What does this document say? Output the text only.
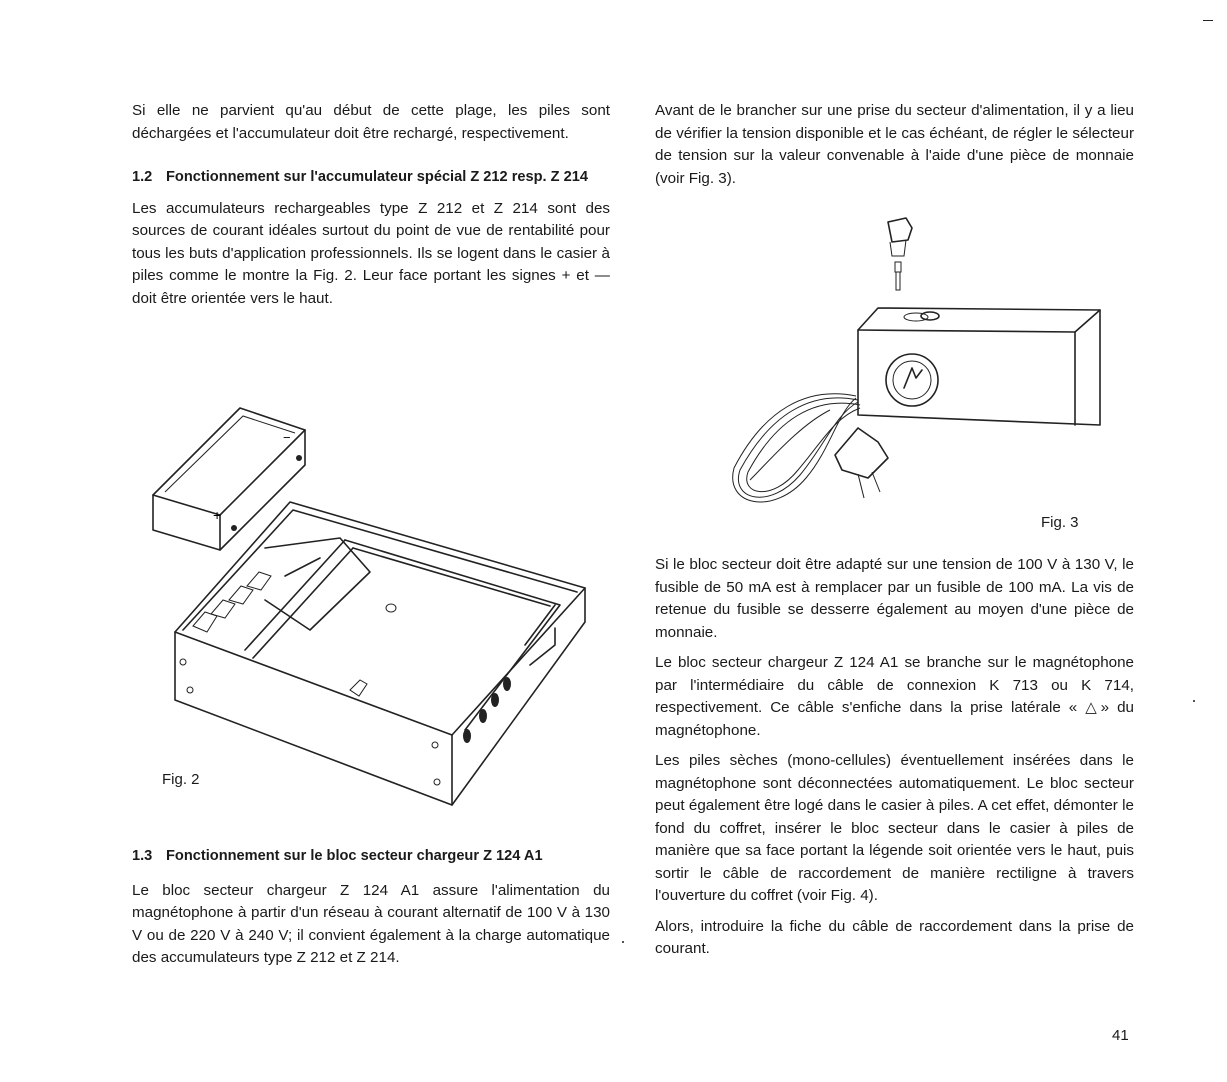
Si elle ne parvient qu'au début de cette plage, les piles sont déchargées et l'accumulateur doit être rechargé, respectivement.

1.2 Fonctionnement sur l'accumulateur spécial Z 212 resp. Z 214

Les accumulateurs rechargeables type Z 212 et Z 214 sont des sources de courant idéales surtout du point de vue de rentabilité pour tous les buts d'application professionnels. Ils se logent dans le casier à piles comme le montre la Fig. 2. Leur face portant les signes + et — doit être orientée vers le haut.

+
−
Fig. 2
1.3 Fonctionnement sur le bloc secteur chargeur Z 124 A1

Le bloc secteur chargeur Z 124 A1 assure l'alimentation du magnétophone à partir d'un réseau à courant alternatif de 100 V à 130 V ou de 220 V à 240 V; il convient également à la charge automatique des accumulateurs type Z 212 et Z 214.

Avant de le brancher sur une prise du secteur d'alimentation, il y a lieu de vérifier la tension disponible et le cas échéant, de régler le sélecteur de tension sur la valeur convenable à l'aide d'une pièce de monnaie (voir Fig. 3).

Fig. 3

Si le bloc secteur doit être adapté sur une tension de 100 V à 130 V, le fusible de 50 mA est à remplacer par un fusible de 100 mA. La vis de retenue du fusible se desserre également au moyen d'une pièce de monnaie.

Le bloc secteur chargeur Z 124 A1 se branche sur le magnétophone par l'intermédiaire du câble de connexion K 713 ou K 714, respectivement. Ce câble s'enfiche dans la prise latérale « △» du magnétophone.

Les piles sèches (mono-cellules) éventuellement insérées dans le magnétophone sont déconnectées automatiquement. Le bloc secteur peut également être logé dans le casier à piles. A cet effet, démonter le fond du coffret, insérer le bloc secteur dans le casier à piles de manière que sa face portant la légende soit orientée vers le haut, puis sortir le câble de raccordement de manière rectiligne à travers l'ouverture du coffret (voir Fig. 4).

Alors, introduire la fiche du câble de raccordement dans la prise de courant.

41
